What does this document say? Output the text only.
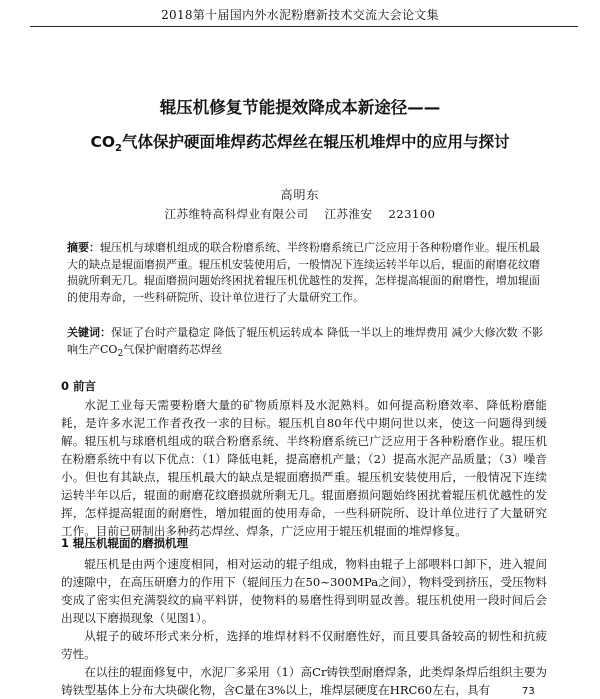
2018第十届国内外水泥粉磨新技术交流大会论文集
辊压机修复节能提效降成本新途径——
$CO_2$气体保护硬面堆焊药芯焊丝在辊压机堆焊中的应用与探讨
高明东
江苏维特高科焊业有限公司 江苏淮安 223100
摘要：辊压机与球磨机组成的联合粉磨系统、半终粉磨系统已广泛应用于各种粉磨作业。辊压机最大的缺点是辊面磨损严重。辊压机安装使用后，一般情况下连续运转半年以后，辊面的耐磨花纹磨损就所剩无几。辊面磨损问题始终困扰着辊压机优越性的发挥，怎样提高辊面的耐磨性，增加辊面的使用寿命，一些科研院所、设计单位进行了大量研究工作。
关键词：保证了台时产量稳定 降低了辊压机运转成本 降低一半以上的堆焊费用 减少大修次数 不影响生产$CO_2$气保护耐磨药芯焊丝
0 前言
水泥工业每天需要粉磨大量的矿物质原料及水泥熟料。如何提高粉磨效率、降低粉磨能耗，是许多水泥工作者孜孜一求的目标。辊压机自80年代中期问世以来，使这一问题得到缓解。辊压机与球磨机组成的联合粉磨系统、半终粉磨系统已广泛应用于各种粉磨作业。辊压机在粉磨系统中有以下优点：（1）降低电耗，提高磨机产量；（2）提高水泥产品质量；（3）噪音小。但也有其缺点，辊压机最大的缺点是辊面磨损严重。辊压机安装使用后，一般情况下连续运转半年以后，辊面的耐磨花纹磨损就所剩无几。辊面磨损问题始终困扰着辊压机优越性的发挥，怎样提高辊面的耐磨性，增加辊面的使用寿命，一些科研院所、设计单位进行了大量研究工作。目前已研制出多种药芯焊丝、焊条，广泛应用于辊压机辊面的堆焊修复。
1 辊压机辊面的磨损机理
辊压机是由两个速度相同，相对运动的辊子组成，物料由辊子上部喂料口卸下，进入辊间的速隙中，在高压研磨力的作用下（辊间压力在50~300MPa之间），物料受到挤压，受压物料变成了密实但充满裂纹的扁平料饼，使物料的易磨性得到明显改善。辊压机使用一段时间后会出现以下磨损现象（见图1）。
从辊子的破坏形式来分析，选择的堆焊材料不仅耐磨性好，而且要具备较高的韧性和抗疲劳性。
在以往的辊面修复中，水泥厂多采用（1）高Cr铸铁型耐磨焊条，此类焊条焊后组织主要为铸铁型基体上分布大块碳化物，含C量在3%以上，堆焊层硬度在HRC60左右，具有	73
